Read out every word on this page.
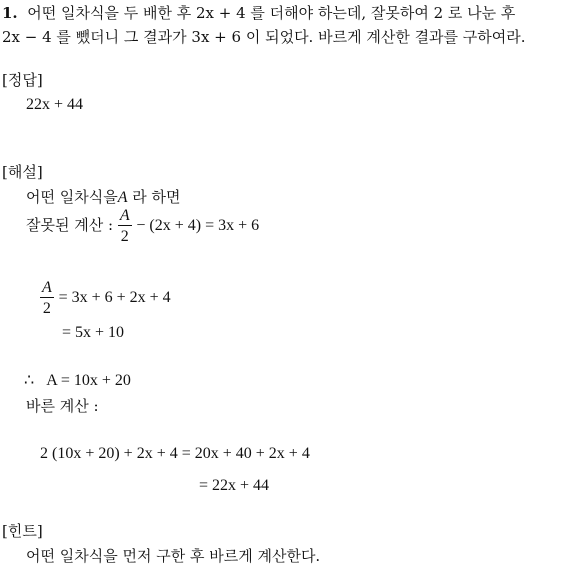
1. 어떤 일차식을 두 배한 후 2x + 4 를 더해야 하는데, 잘못하여 2 로 나눈 후
2x − 4 를 뺐더니 그 결과가 3x + 6 이 되었다. 바르게 계산한 결과를 구하여라.
[정답]
22x + 44
[해설]
어떤 일차식을A 라 하면
잘못된 계산 : $\frac{A}{2} - (2x + 4) = 3x + 6$
$\frac{A}{2} = 3x + 6 + 2x + 4$
= 5x + 10
∴ A = 10x + 20
바른 계산 :
2 (10x + 20) + 2x + 4 = 20x + 40 + 2x + 4
= 22x + 44
[힌트]
어떤 일차식을 먼저 구한 후 바르게 계산한다.
